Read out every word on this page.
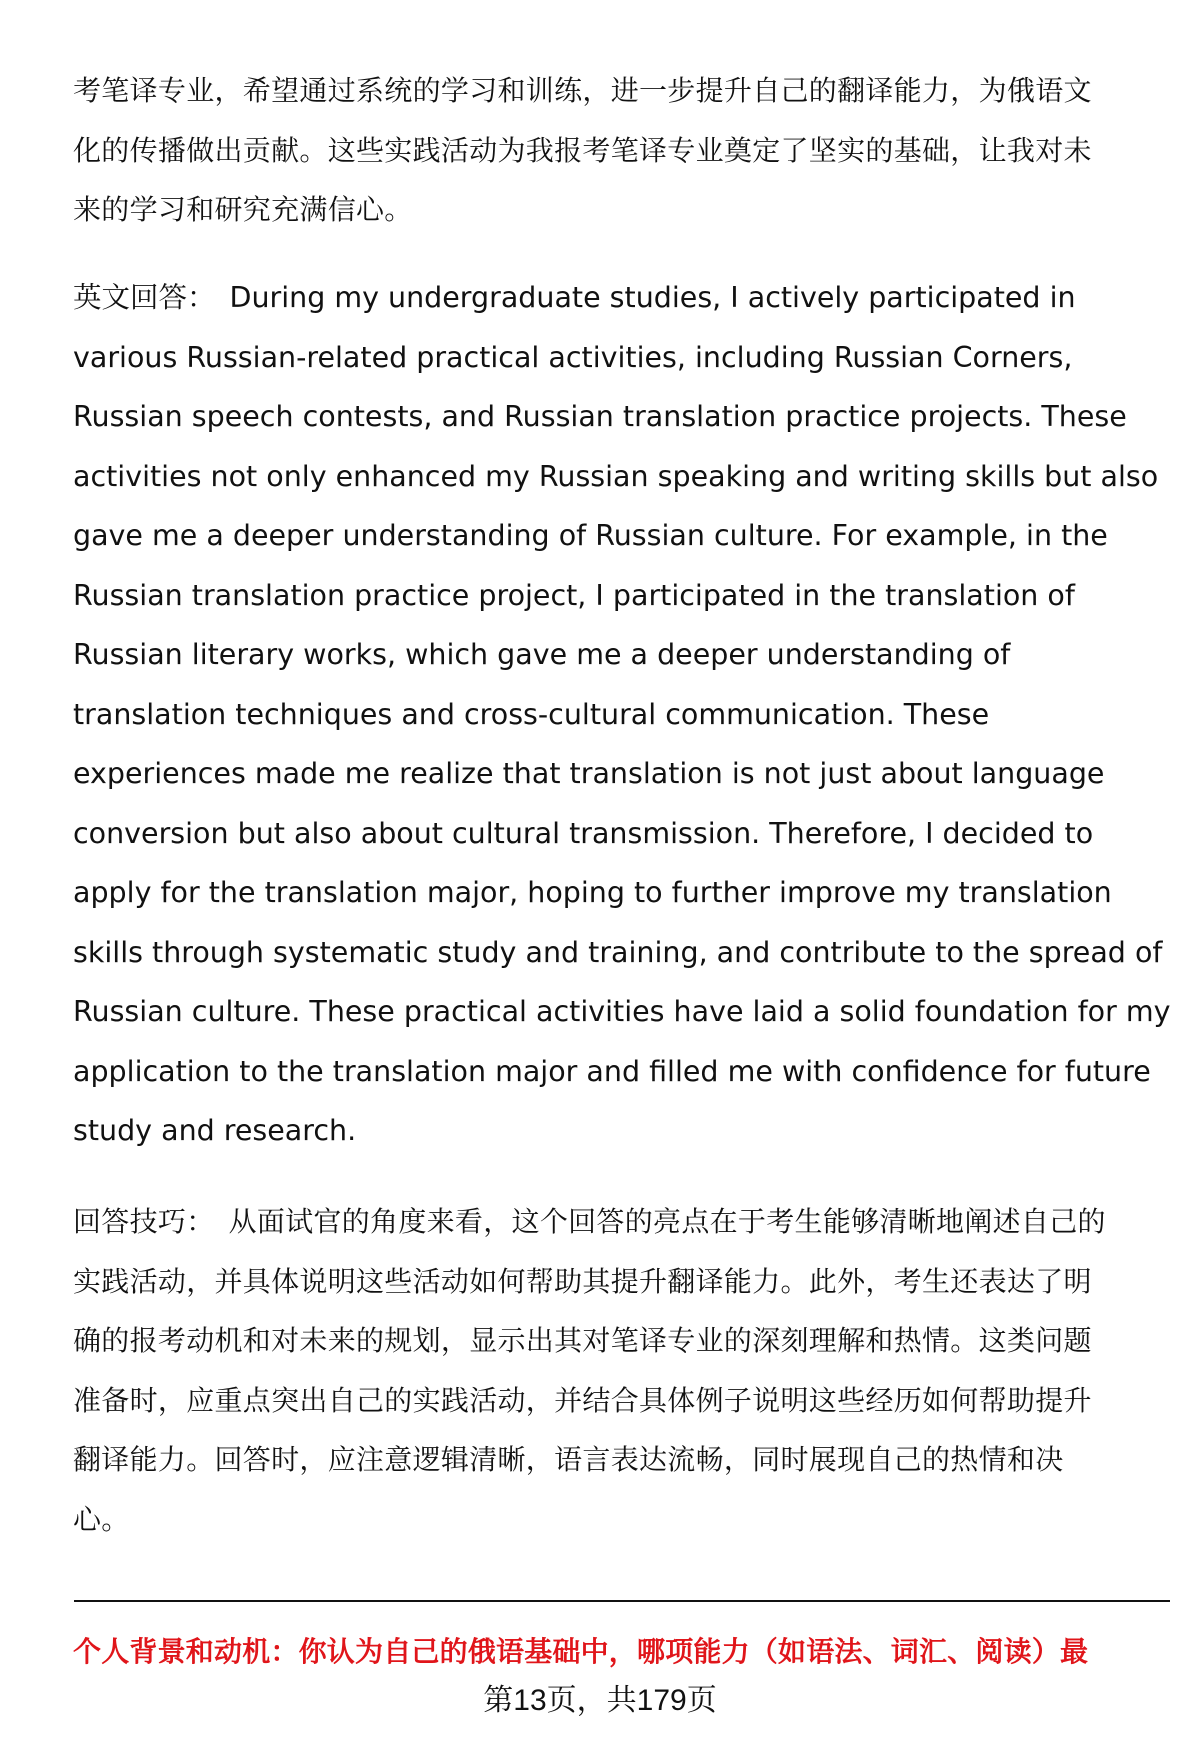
考笔译专业，希望通过系统的学习和训练，进一步提升自己的翻译能力，为俄语文
化的传播做出贡献。这些实践活动为我报考笔译专业奠定了坚实的基础，让我对未
来的学习和研究充满信心。
英文回答： During my undergraduate studies, I actively participated in
various Russian-related practical activities, including Russian Corners,
Russian speech contests, and Russian translation practice projects. These
activities not only enhanced my Russian speaking and writing skills but also
gave me a deeper understanding of Russian culture. For example, in the
Russian translation practice project, I participated in the translation of
Russian literary works, which gave me a deeper understanding of
translation techniques and cross-cultural communication. These
experiences made me realize that translation is not just about language
conversion but also about cultural transmission. Therefore, I decided to
apply for the translation major, hoping to further improve my translation
skills through systematic study and training, and contribute to the spread of
Russian culture. These practical activities have laid a solid foundation for my
application to the translation major and filled me with confidence for future
study and research.
回答技巧： 从面试官的角度来看，这个回答的亮点在于考生能够清晰地阐述自己的
实践活动，并具体说明这些活动如何帮助其提升翻译能力。此外，考生还表达了明
确的报考动机和对未来的规划，显示出其对笔译专业的深刻理解和热情。这类问题
准备时，应重点突出自己的实践活动，并结合具体例子说明这些经历如何帮助提升
翻译能力。回答时，应注意逻辑清晰，语言表达流畅，同时展现自己的热情和决
心。
个人背景和动机：你认为自己的俄语基础中，哪项能力（如语法、词汇、阅读）最
第13页，共179页
